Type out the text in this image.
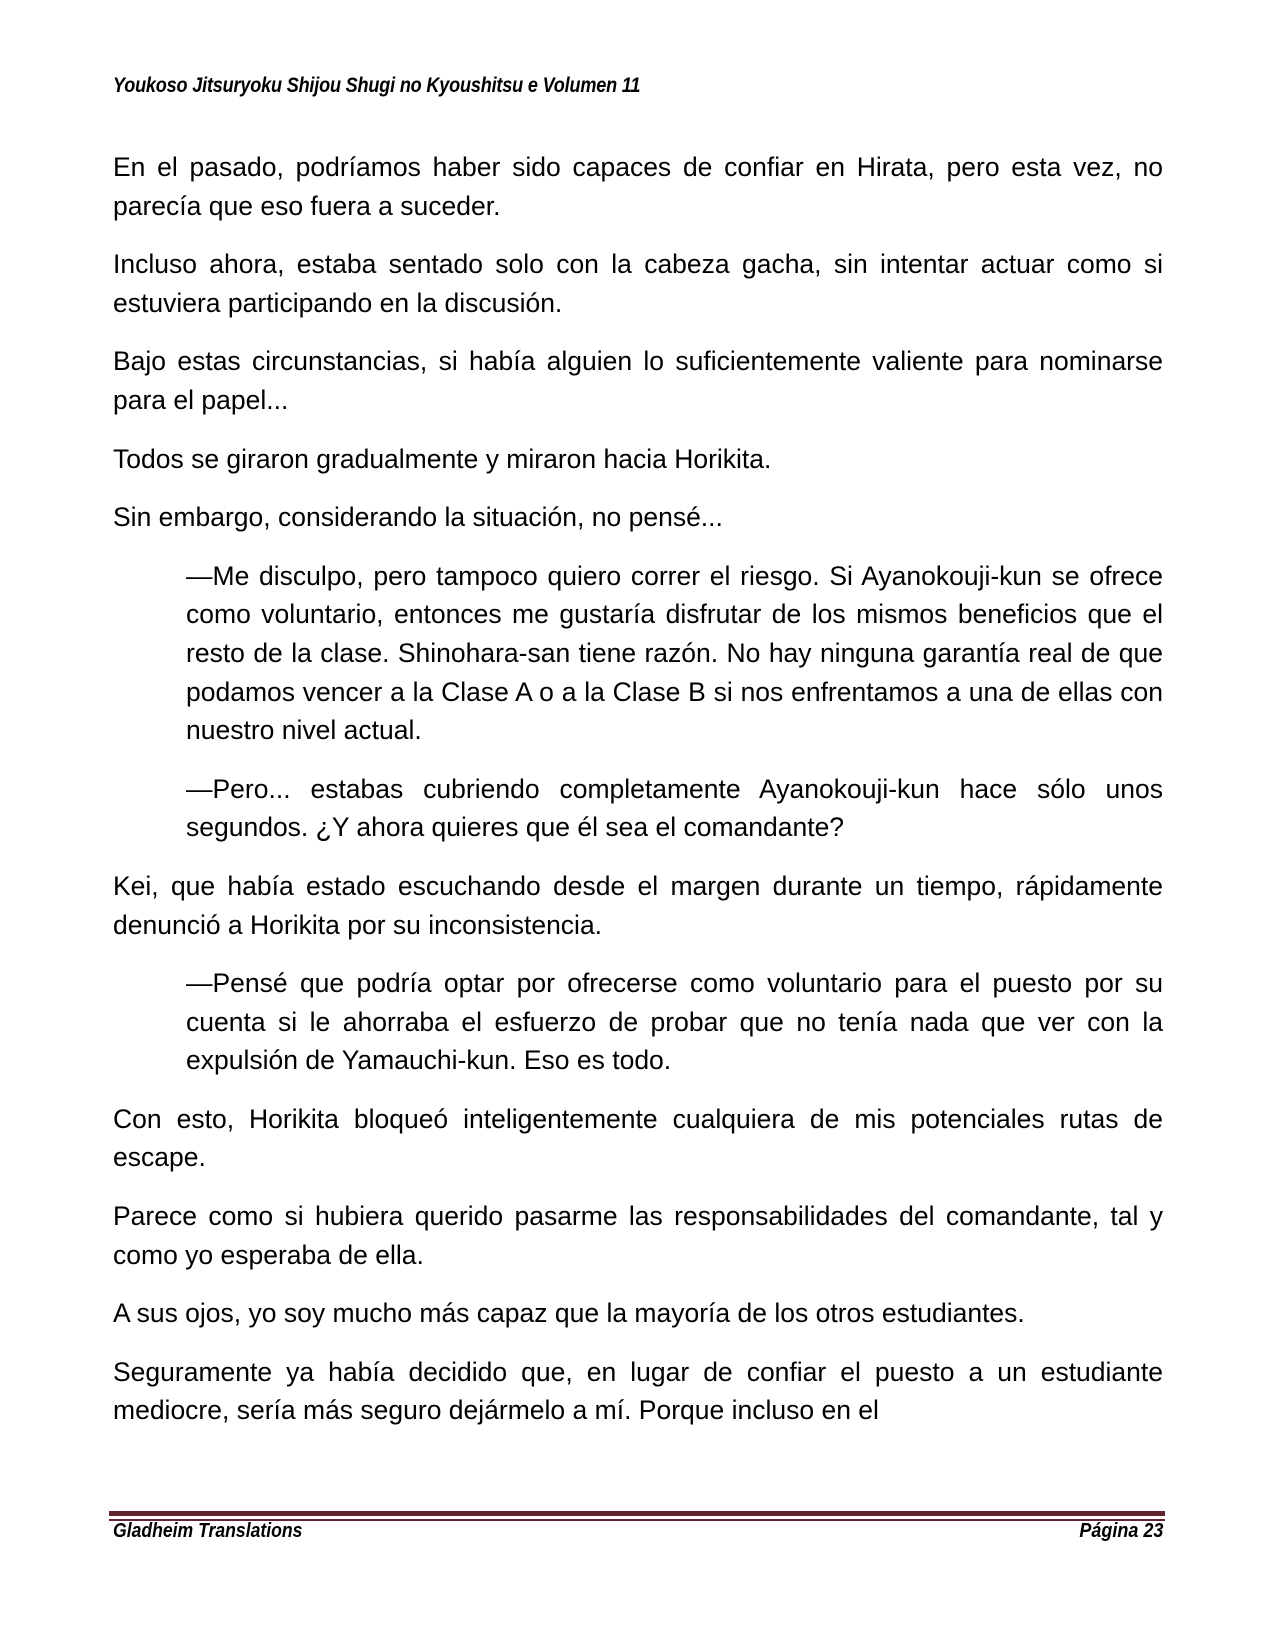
Youkoso Jitsuryoku Shijou Shugi no Kyoushitsu e Volumen 11

En el pasado, podríamos haber sido capaces de confiar en Hirata, pero esta vez, no parecía que eso fuera a suceder.

Incluso ahora, estaba sentado solo con la cabeza gacha, sin intentar actuar como si estuviera participando en la discusión.

Bajo estas circunstancias, si había alguien lo suficientemente valiente para nominarse para el papel...

Todos se giraron gradualmente y miraron hacia Horikita.

Sin embargo, considerando la situación, no pensé...

—Me disculpo, pero tampoco quiero correr el riesgo. Si Ayanokouji-kun se ofrece como voluntario, entonces me gustaría disfrutar de los mismos beneficios que el resto de la clase. Shinohara-san tiene razón. No hay ninguna garantía real de que podamos vencer a la Clase A o a la Clase B si nos enfrentamos a una de ellas con nuestro nivel actual.

—Pero... estabas cubriendo completamente Ayanokouji-kun hace sólo unos segundos. ¿Y ahora quieres que él sea el comandante?

Kei, que había estado escuchando desde el margen durante un tiempo, rápidamente denunció a Horikita por su inconsistencia.

—Pensé que podría optar por ofrecerse como voluntario para el puesto por su cuenta si le ahorraba el esfuerzo de probar que no tenía nada que ver con la expulsión de Yamauchi-kun. Eso es todo.

Con esto, Horikita bloqueó inteligentemente cualquiera de mis potenciales rutas de escape.

Parece como si hubiera querido pasarme las responsabilidades del comandante, tal y como yo esperaba de ella.

A sus ojos, yo soy mucho más capaz que la mayoría de los otros estudiantes.

Seguramente ya había decidido que, en lugar de confiar el puesto a un estudiante mediocre, sería más seguro dejármelo a mí. Porque incluso en el

Gladheim Translations	Página 23
